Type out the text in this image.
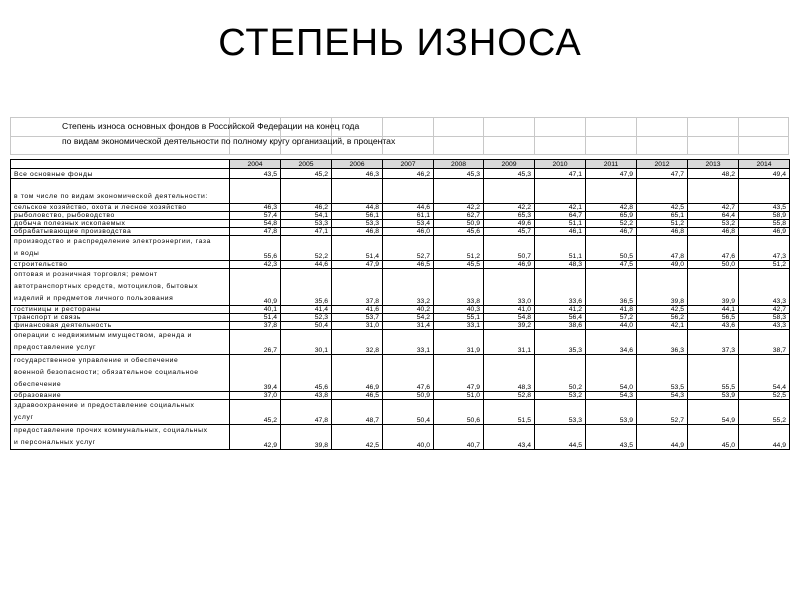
СТЕПЕНЬ ИЗНОСА
Степень износа основных фондов в Российской Федерации на конец года
по видам экономической деятельности по полному кругу организаций, в процентах
	2004	2005	2006	2007	2008	2009	2010	2011	2012	2013	2014

Все основные фонды	43,5	45,2	46,3	46,2	45,3	45,3	47,1	47,9	47,7	48,2	49,4

в том числе по видам экономической деятельности:											

сельское хозяйство, охота и лесное хозяйство	46,3	46,2	44,8	44,6	42,2	42,2	42,1	42,8	42,5	42,7	43,5

рыболовство, рыбоводство	57,4	54,1	56,1	61,1	62,7	65,3	64,7	65,9	65,1	64,4	58,9

добыча полезных ископаемых	54,8	53,3	53,3	53,4	50,9	49,6	51,1	52,2	51,2	53,2	55,8

обрабатывающие производства	47,8	47,1	46,8	46,0	45,6	45,7	46,1	46,7	46,8	46,8	46,9

производство и распределение электроэнергии, газа
и воды	55,6	52,2	51,4	52,7	51,2	50,7	51,1	50,5	47,8	47,6	47,3

строительство	42,3	44,6	47,9	46,5	45,5	46,9	48,3	47,5	49,0	50,0	51,2

оптовая и розничная торговля; ремонт
автотранспортных средств, мотоциклов, бытовых
изделий и предметов личного пользования	40,9	35,6	37,8	33,2	33,8	33,0	33,6	36,5	39,8	39,9	43,3

гостиницы и рестораны	40,1	41,4	41,6	40,2	40,3	41,0	41,2	41,8	42,5	44,1	42,7

транспорт и связь	51,4	52,3	53,7	54,2	55,1	54,8	56,4	57,2	56,2	56,5	58,3

финансовая деятельность	37,8	50,4	31,0	31,4	33,1	39,2	38,6	44,0	42,1	43,6	43,3

операции с недвижимым имуществом, аренда и
предоставление услуг	26,7	30,1	32,8	33,1	31,9	31,1	35,3	34,6	36,3	37,3	38,7

государственное управление и обеспечение
военной безопасности; обязательное социальное
обеспечение	39,4	45,6	46,9	47,6	47,9	48,3	50,2	54,0	53,5	55,5	54,4

образование	37,0	43,8	46,5	50,9	51,0	52,8	53,2	54,3	54,3	53,9	52,5

здравоохранение и предоставление социальных
услуг	45,2	47,8	48,7	50,4	50,6	51,5	53,3	53,9	52,7	54,9	55,2

предоставление прочих коммунальных, социальных
и персональных услуг	42,9	39,8	42,5	40,0	40,7	43,4	44,5	43,5	44,9	45,0	44,9
